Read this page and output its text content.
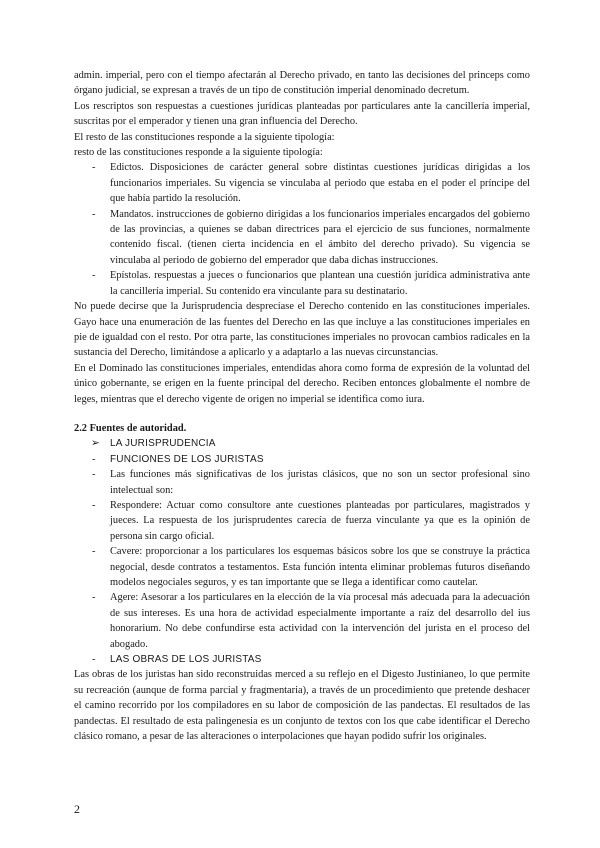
admin. imperial, pero con el tiempo afectarán al Derecho privado, en tanto las decisiones del princeps como órgano judicial, se expresan a través de un tipo de constitución imperial denominado decretum.

Los rescriptos son respuestas a cuestiones jurídicas planteadas por particulares ante la cancillería imperial, suscritas por el emperador y tienen una gran influencia del Derecho.

El resto de las constituciones responde a la siguiente tipología:

resto de las constituciones responde a la siguiente tipología:

-	Edictos. Disposiciones de carácter general sobre distintas cuestiones jurídicas dirigidas a los funcionarios imperiales. Su vigencia se vinculaba al periodo que estaba en el poder el príncipe del que había partido la resolución.
-	Mandatos. instrucciones de gobierno dirigidas a los funcionarios imperiales encargados del gobierno de las provincias, a quienes se daban directrices para el ejercicio de sus funciones, normalmente contenido fiscal. (tienen cierta incidencia en el ámbito del derecho privado). Su vigencia se vinculaba al periodo de gobierno del emperador que daba dichas instrucciones.
-	Epístolas. respuestas a jueces o funcionarios que plantean una cuestión jurídica administrativa ante la cancillería imperial. Su contenido era vinculante para su destinatario.

No puede decirse que la Jurisprudencia desprecíase el Derecho contenido en las constituciones imperiales. Gayo hace una enumeración de las fuentes del Derecho en las que incluye a las constituciones imperiales en pie de igualdad con el resto. Por otra parte, las constituciones imperiales no provocan cambios radicales en la sustancia del Derecho, limitándose a aplicarlo y a adaptarlo a las nuevas circunstancias.

En el Dominado las constituciones imperiales, entendidas ahora como forma de expresión de la voluntad del único gobernante, se erigen en la fuente principal del derecho. Reciben entonces globalmente el nombre de leges, mientras que el derecho vigente de origen no imperial se identifica como iura.

2.2 Fuentes de autoridad.

➢	LA JURISPRUDENCIA
-	FUNCIONES DE LOS JURISTAS
-	Las funciones más significativas de los juristas clásicos, que no son un sector profesional sino intelectual son:
-	Respondere: Actuar como consultore ante cuestiones planteadas por particulares, magistrados y jueces. La respuesta de los jurisprudentes carecía de fuerza vinculante ya que es la opinión de persona sin cargo oficial.
-	Cavere: proporcionar a los particulares los esquemas básicos sobre los que se construye la práctica negocial, desde contratos a testamentos. Esta función intenta eliminar problemas futuros diseñando modelos negociales seguros, y es tan importante que se llega a identificar como cautelar.
-	Agere: Asesorar a los particulares en la elección de la vía procesal más adecuada para la adecuación de sus intereses. Es una hora de actividad especialmente importante a raíz del desarrollo del ius honorarium. No debe confundirse esta actividad con la intervención del jurista en el proceso del abogado.
-	LAS OBRAS DE LOS JURISTAS

Las obras de los juristas han sido reconstruidas merced a su reflejo en el Digesto Justinianeo, lo que permite su recreación (aunque de forma parcial y fragmentaria), a través de un procedimiento que pretende deshacer el camino recorrido por los compiladores en su labor de composición de las pandectas. El resultados de las pandectas. El resultado de esta palingenesia es un conjunto de textos con los que cabe identificar el Derecho clásico romano, a pesar de las alteraciones o interpolaciones que hayan podido sufrir los originales.

2
